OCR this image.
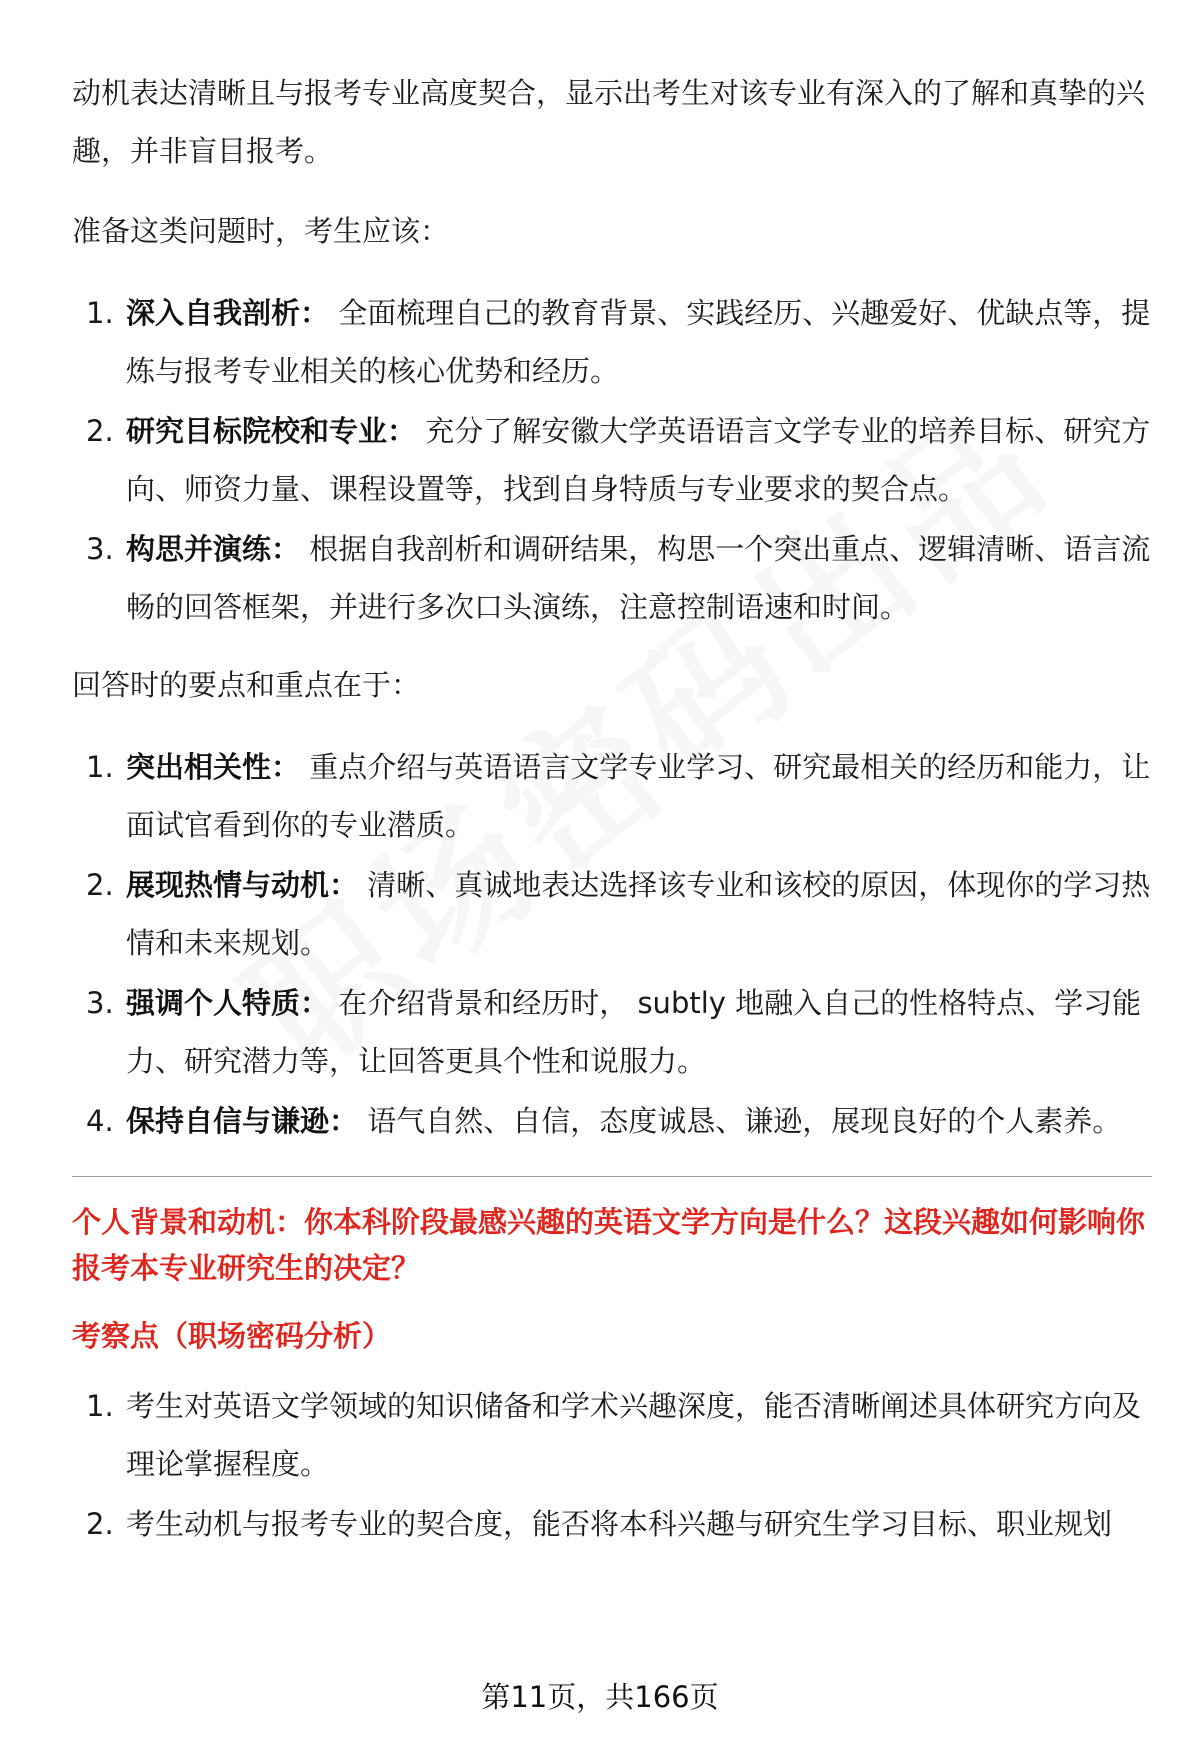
动机表达清晰且与报考专业高度契合，显示出考生对该专业有深入的了解和真挚的兴趣，并非盲目报考。

准备这类问题时，考生应该：

1. 深入自我剖析： 全面梳理自己的教育背景、实践经历、兴趣爱好、优缺点等，提炼与报考专业相关的核心优势和经历。
2. 研究目标院校和专业： 充分了解安徽大学英语语言文学专业的培养目标、研究方向、师资力量、课程设置等，找到自身特质与专业要求的契合点。
3. 构思并演练： 根据自我剖析和调研结果，构思一个突出重点、逻辑清晰、语言流畅的回答框架，并进行多次口头演练，注意控制语速和时间。

回答时的要点和重点在于：

1. 突出相关性： 重点介绍与英语语言文学专业学习、研究最相关的经历和能力，让面试官看到你的专业潜质。
2. 展现热情与动机： 清晰、真诚地表达选择该专业和该校的原因，体现你的学习热情和未来规划。
3. 强调个人特质： 在介绍背景和经历时， subtly 地融入自己的性格特点、学习能力、研究潜力等，让回答更具个性和说服力。
4. 保持自信与谦逊： 语气自然、自信，态度诚恳、谦逊，展现良好的个人素养。

个人背景和动机：你本科阶段最感兴趣的英语文学方向是什么？这段兴趣如何影响你报考本专业研究生的决定？

考察点（职场密码分析）

1. 考生对英语文学领域的知识储备和学术兴趣深度，能否清晰阐述具体研究方向及理论掌握程度。
2. 考生动机与报考专业的契合度，能否将本科兴趣与研究生学习目标、职业规划
第11页，共166页
